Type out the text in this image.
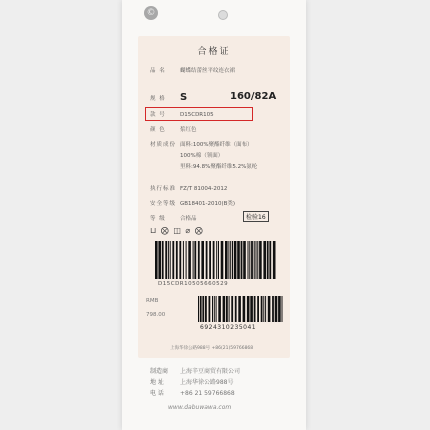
©
合格证
品 名	蝴蝶结蕾丝平纹连衣裙
规 格 S	160/82A
款 号	D15CDR105
颜 色	浆红色
材质成份 面料:100%聚酯纤维（面布）
100%棉（领面）
里料:94.8%聚酯纤维5.2%氨纶
执行标准 FZ/T 81004-2012
安全等级 GB18401-2010(B类)
等 级	合格品	检验16
⊔ ⨂ ◫ ⌀ ⨂
D15CDR10505660529
RMB
798.00
6924310235041
上海华徐公路988号 +86(21)59766868
制造商 上海辛豆商贸有限公司
地 址	上海华徐公路988号
电 话	+86 21 59766868
www.dabuwawa.com
